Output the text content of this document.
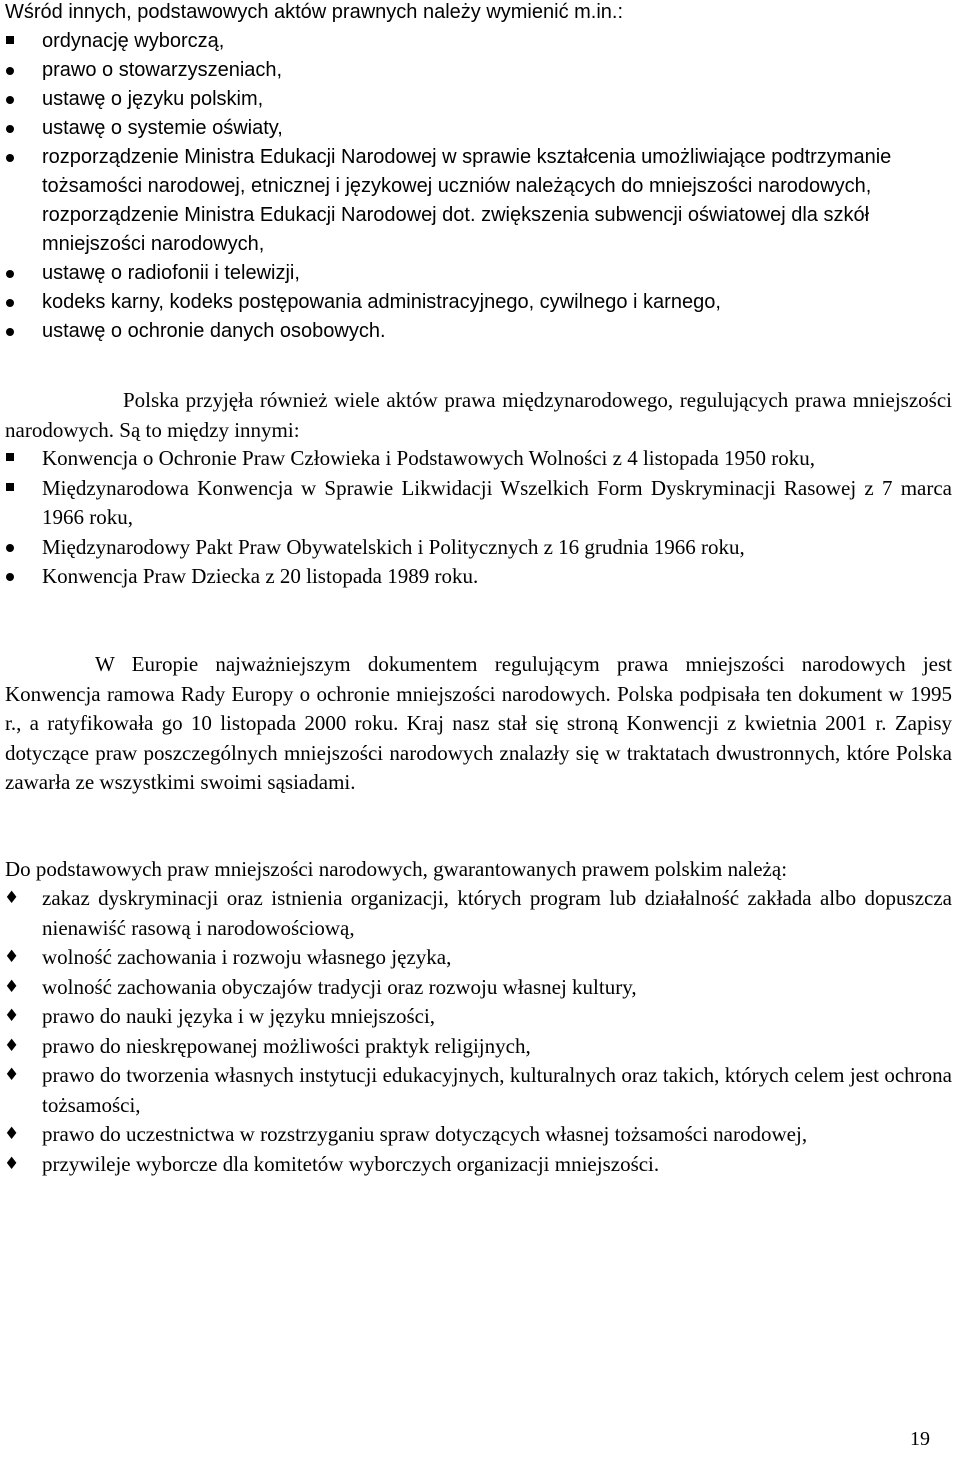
Wśród innych, podstawowych aktów prawnych należy wymienić m.in.:

ordynację wyborczą,
prawo o stowarzyszeniach,
ustawę o języku polskim,
ustawę o systemie oświaty,
rozporządzenie Ministra Edukacji Narodowej w sprawie kształcenia umożliwiające podtrzymanie tożsamości narodowej, etnicznej i językowej uczniów należących do mniejszości narodowych, rozporządzenie Ministra Edukacji Narodowej dot. zwiększenia subwencji oświatowej dla szkół mniejszości narodowych,
ustawę o radiofonii i telewizji,
kodeks karny, kodeks postępowania administracyjnego, cywilnego i karnego,
ustawę o ochronie danych osobowych.

Polska przyjęła również wiele aktów prawa międzynarodowego, regulujących prawa mniejszości narodowych. Są to między innymi:

Konwencja o Ochronie Praw Człowieka i Podstawowych Wolności z 4 listopada 1950 roku,
Międzynarodowa Konwencja w Sprawie Likwidacji Wszelkich Form Dyskryminacji Rasowej z 7 marca 1966 roku,
Międzynarodowy Pakt Praw Obywatelskich i Politycznych z 16 grudnia 1966 roku,
Konwencja Praw Dziecka z 20 listopada 1989 roku.

W Europie najważniejszym dokumentem regulującym prawa mniejszości narodowych jest Konwencja ramowa Rady Europy o ochronie mniejszości narodowych. Polska podpisała ten dokument w 1995 r., a ratyfikowała go 10 listopada 2000 roku. Kraj nasz stał się stroną Konwencji z kwietnia 2001 r. Zapisy dotyczące praw poszczególnych mniejszości narodowych znalazły się w traktatach dwustronnych, które Polska zawarła ze wszystkimi swoimi sąsiadami.

Do podstawowych praw mniejszości narodowych, gwarantowanych prawem polskim należą:

zakaz dyskryminacji oraz istnienia organizacji, których program lub działalność zakłada albo dopuszcza nienawiść rasową i narodowościową,
wolność zachowania i rozwoju własnego języka,
wolność zachowania obyczajów tradycji oraz rozwoju własnej kultury,
prawo do nauki języka i w języku mniejszości,
prawo do nieskrępowanej możliwości praktyk religijnych,
prawo do tworzenia własnych instytucji edukacyjnych, kulturalnych oraz takich, których celem jest ochrona tożsamości,
prawo do uczestnictwa w rozstrzyganiu spraw dotyczących własnej tożsamości narodowej,
przywileje wyborcze dla komitetów wyborczych organizacji mniejszości.
19
